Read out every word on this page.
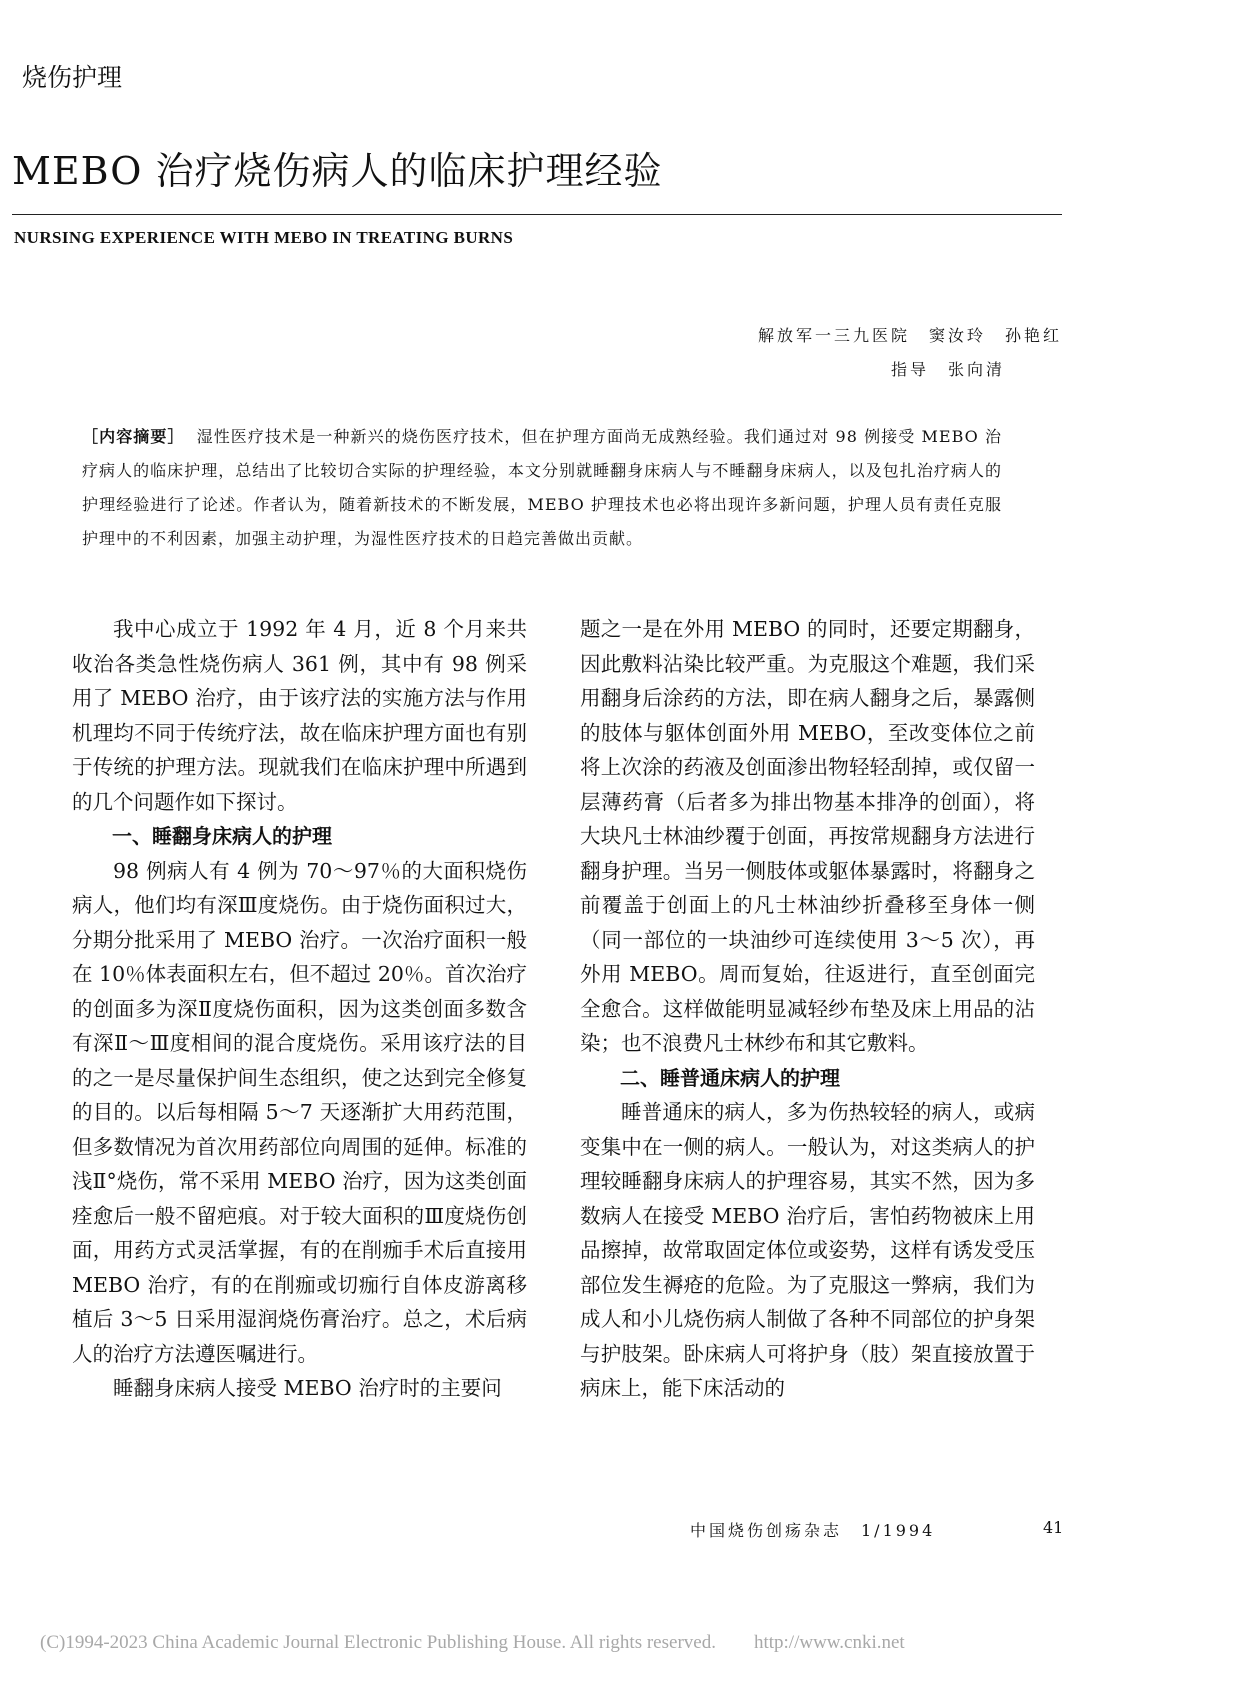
烧伤护理
MEBO 治疗烧伤病人的临床护理经验
NURSING EXPERIENCE WITH MEBO IN TREATING BURNS
解放军一三九医院　窦汝玲　孙艳红
指导　张向清
［内容摘要］ 湿性医疗技术是一种新兴的烧伤医疗技术，但在护理方面尚无成熟经验。我们通过对 98 例接受 MEBO 治疗病人的临床护理，总结出了比较切合实际的护理经验，本文分别就睡翻身床病人与不睡翻身床病人，以及包扎治疗病人的护理经验进行了论述。作者认为，随着新技术的不断发展，MEBO 护理技术也必将出现许多新问题，护理人员有责任克服护理中的不利因素，加强主动护理，为湿性医疗技术的日趋完善做出贡献。

我中心成立于 1992 年 4 月，近 8 个月来共收治各类急性烧伤病人 361 例，其中有 98 例采用了 MEBO 治疗，由于该疗法的实施方法与作用机理均不同于传统疗法，故在临床护理方面也有别于传统的护理方法。现就我们在临床护理中所遇到的几个问题作如下探讨。

一、睡翻身床病人的护理

98 例病人有 4 例为 70～97％的大面积烧伤病人，他们均有深Ⅲ度烧伤。由于烧伤面积过大，分期分批采用了 MEBO 治疗。一次治疗面积一般在 10％体表面积左右，但不超过 20％。首次治疗的创面多为深Ⅱ度烧伤面积，因为这类创面多数含有深Ⅱ～Ⅲ度相间的混合度烧伤。采用该疗法的目的之一是尽量保护间生态组织，使之达到完全修复的目的。以后每相隔 5～7 天逐渐扩大用药范围，但多数情况为首次用药部位向周围的延伸。标准的浅Ⅱ°烧伤，常不采用 MEBO 治疗，因为这类创面痊愈后一般不留疤痕。对于较大面积的Ⅲ度烧伤创面，用药方式灵活掌握，有的在削痂手术后直接用 MEBO 治疗，有的在削痂或切痂行自体皮游离移植后 3～5 日采用湿润烧伤膏治疗。总之，术后病人的治疗方法遵医嘱进行。

睡翻身床病人接受 MEBO 治疗时的主要问

题之一是在外用 MEBO 的同时，还要定期翻身，因此敷料沾染比较严重。为克服这个难题，我们采用翻身后涂药的方法，即在病人翻身之后，暴露侧的肢体与躯体创面外用 MEBO，至改变体位之前将上次涂的药液及创面渗出物轻轻刮掉，或仅留一层薄药膏（后者多为排出物基本排净的创面），将大块凡士林油纱覆于创面，再按常规翻身方法进行翻身护理。当另一侧肢体或躯体暴露时，将翻身之前覆盖于创面上的凡士林油纱折叠移至身体一侧（同一部位的一块油纱可连续使用 3～5 次），再外用 MEBO。周而复始，往返进行，直至创面完全愈合。这样做能明显减轻纱布垫及床上用品的沾染；也不浪费凡士林纱布和其它敷料。

二、睡普通床病人的护理

睡普通床的病人，多为伤热较轻的病人，或病变集中在一侧的病人。一般认为，对这类病人的护理较睡翻身床病人的护理容易，其实不然，因为多数病人在接受 MEBO 治疗后，害怕药物被床上用品擦掉，故常取固定体位或姿势，这样有诱发受压部位发生褥疮的危险。为了克服这一弊病，我们为成人和小儿烧伤病人制做了各种不同部位的护身架与护肢架。卧床病人可将护身（肢）架直接放置于病床上，能下床活动的

中国烧伤创疡杂志　1/1994	41
(C)1994-2023 China Academic Journal Electronic Publishing House. All rights reserved.　　http://www.cnki.net
